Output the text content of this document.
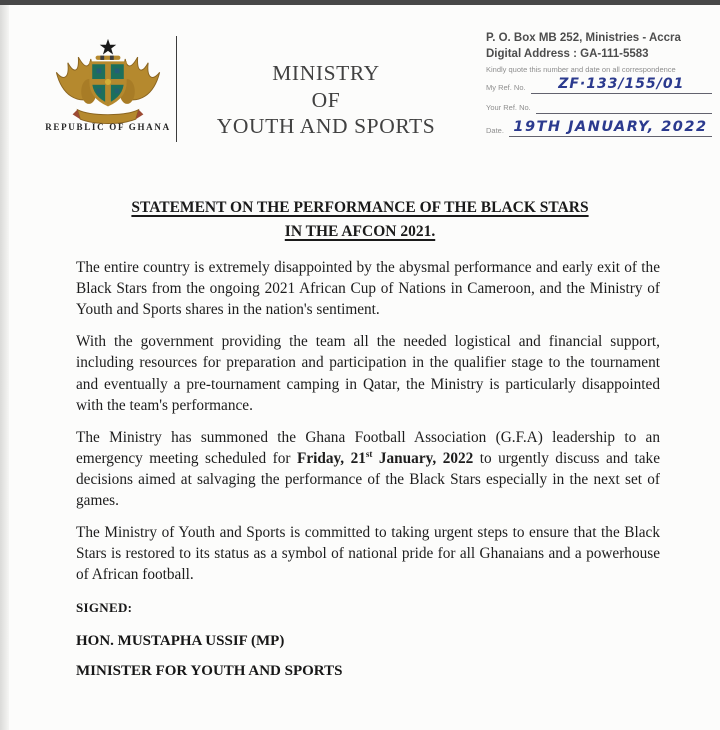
REPUBLIC OF GHANA
MINISTRY
OF
YOUTH AND SPORTS
P. O. Box MB 252, Ministries - Accra
Digital Address : GA-111-5583
Kindly quote this number and date on all correspondence
My Ref. No.	ZF·133/155/01
Your Ref. No.
Date. 19TH JANUARY, 2022
STATEMENT ON THE PERFORMANCE OF THE BLACK STARS
IN THE AFCON 2021.

The entire country is extremely disappointed by the abysmal performance and early exit of the Black Stars from the ongoing 2021 African Cup of Nations in Cameroon, and the Ministry of Youth and Sports shares in the nation's sentiment.

With the government providing the team all the needed logistical and financial support, including resources for preparation and participation in the qualifier stage to the tournament and eventually a pre-tournament camping in Qatar, the Ministry is particularly disappointed with the team's performance.

The Ministry has summoned the Ghana Football Association (G.F.A) leadership to an emergency meeting scheduled for Friday, 21st January, 2022 to urgently discuss and take decisions aimed at salvaging the performance of the Black Stars especially in the next set of games.

The Ministry of Youth and Sports is committed to taking urgent steps to ensure that the Black Stars is restored to its status as a symbol of national pride for all Ghanaians and a powerhouse of African football.

SIGNED:
HON. MUSTAPHA USSIF (MP)
MINISTER FOR YOUTH AND SPORTS
